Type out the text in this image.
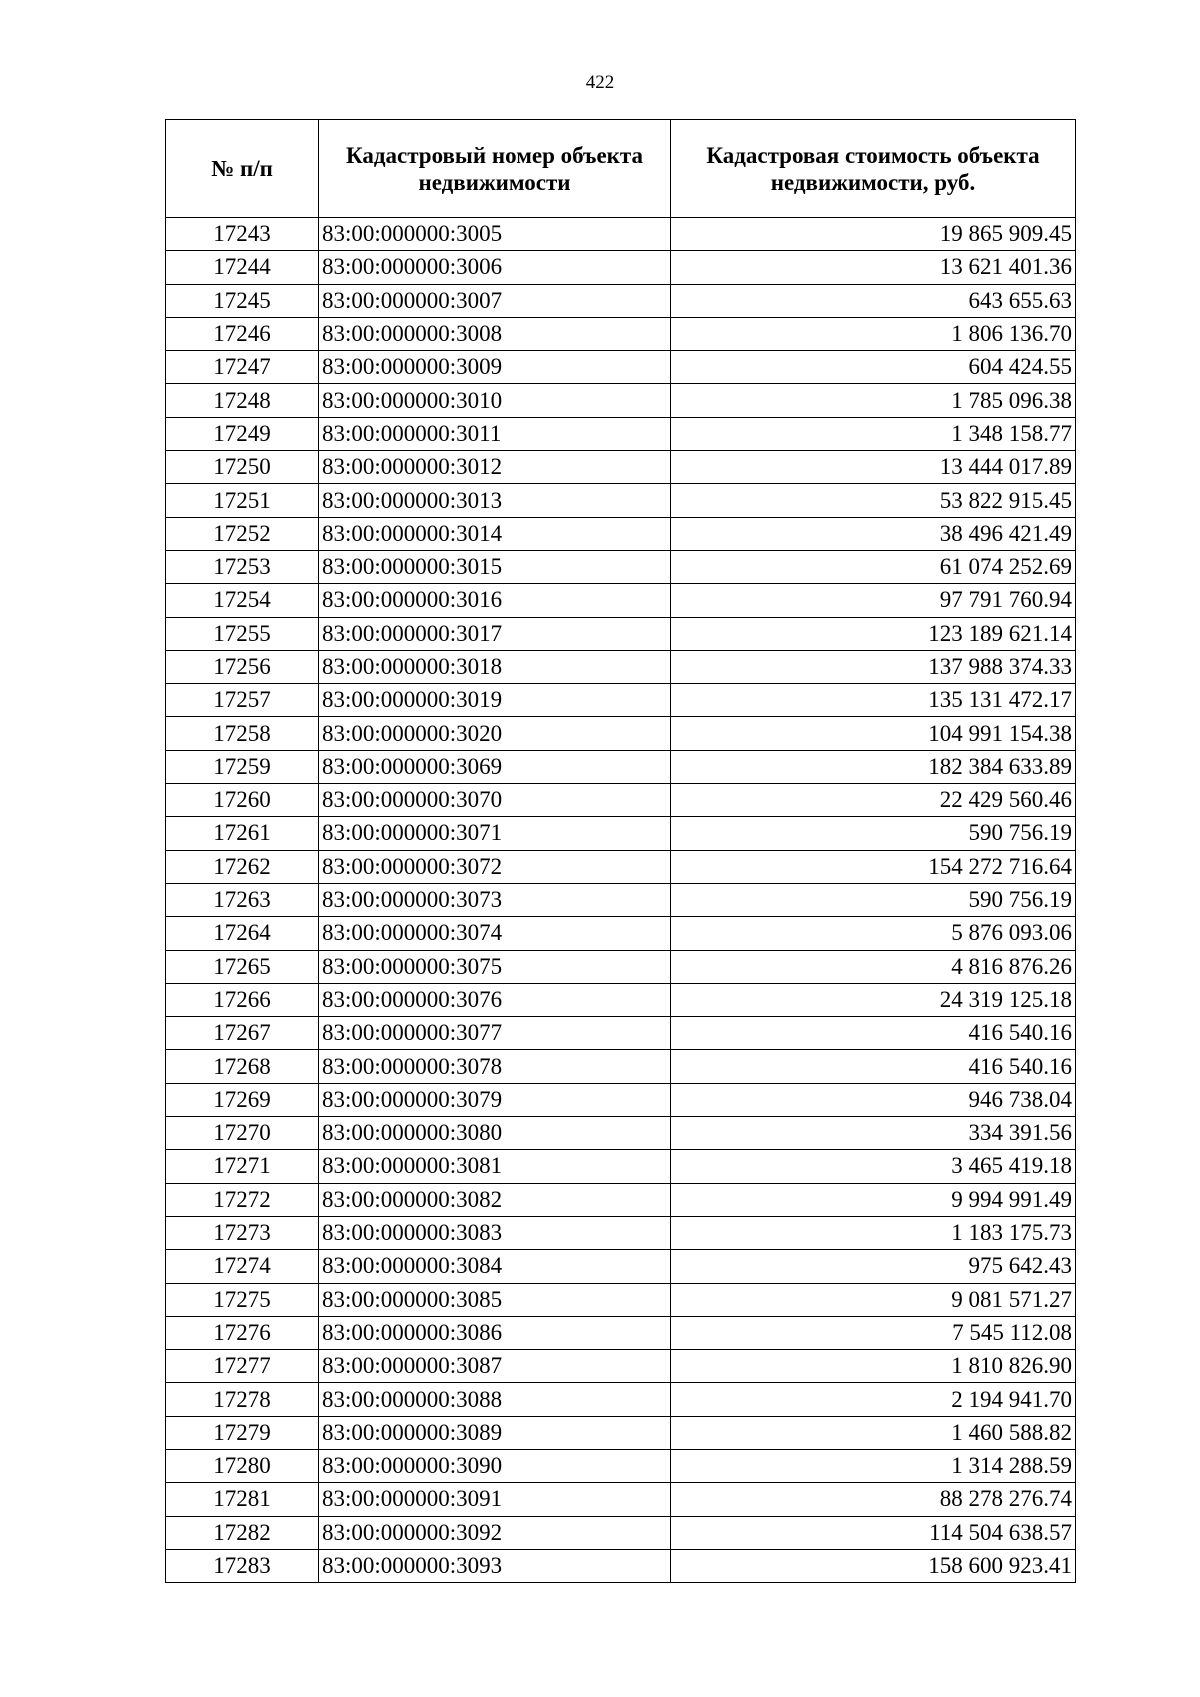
422
№ п/п	Кадастровый номер объекта недвижимости	Кадастровая стоимость объекта недвижимости, руб.
17243	83:00:000000:3005	19 865 909.45
17244	83:00:000000:3006	13 621 401.36
17245	83:00:000000:3007	643 655.63
17246	83:00:000000:3008	1 806 136.70
17247	83:00:000000:3009	604 424.55
17248	83:00:000000:3010	1 785 096.38
17249	83:00:000000:3011	1 348 158.77
17250	83:00:000000:3012	13 444 017.89
17251	83:00:000000:3013	53 822 915.45
17252	83:00:000000:3014	38 496 421.49
17253	83:00:000000:3015	61 074 252.69
17254	83:00:000000:3016	97 791 760.94
17255	83:00:000000:3017	123 189 621.14
17256	83:00:000000:3018	137 988 374.33
17257	83:00:000000:3019	135 131 472.17
17258	83:00:000000:3020	104 991 154.38
17259	83:00:000000:3069	182 384 633.89
17260	83:00:000000:3070	22 429 560.46
17261	83:00:000000:3071	590 756.19
17262	83:00:000000:3072	154 272 716.64
17263	83:00:000000:3073	590 756.19
17264	83:00:000000:3074	5 876 093.06
17265	83:00:000000:3075	4 816 876.26
17266	83:00:000000:3076	24 319 125.18
17267	83:00:000000:3077	416 540.16
17268	83:00:000000:3078	416 540.16
17269	83:00:000000:3079	946 738.04
17270	83:00:000000:3080	334 391.56
17271	83:00:000000:3081	3 465 419.18
17272	83:00:000000:3082	9 994 991.49
17273	83:00:000000:3083	1 183 175.73
17274	83:00:000000:3084	975 642.43
17275	83:00:000000:3085	9 081 571.27
17276	83:00:000000:3086	7 545 112.08
17277	83:00:000000:3087	1 810 826.90
17278	83:00:000000:3088	2 194 941.70
17279	83:00:000000:3089	1 460 588.82
17280	83:00:000000:3090	1 314 288.59
17281	83:00:000000:3091	88 278 276.74
17282	83:00:000000:3092	114 504 638.57
17283	83:00:000000:3093	158 600 923.41
